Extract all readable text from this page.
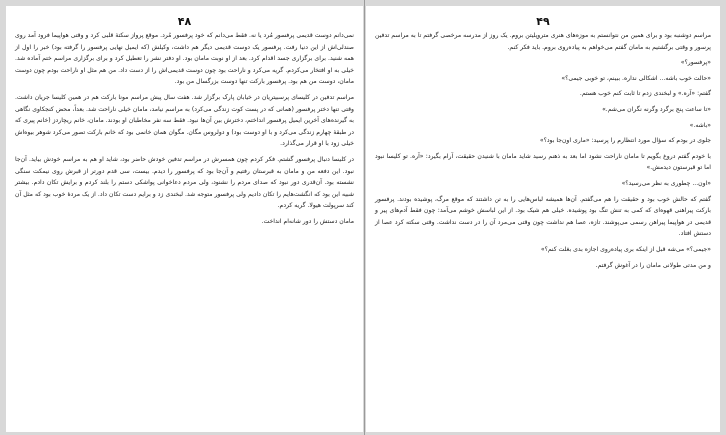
۴۸

نمی‌دانم دوست قدیمی پرفسور مُرد یا نه. فقط می‌دانم که خود پرفسور مُرد. موقع پرواز سکتهٔ قلبی کرد و وقتی هواپیما فرود آمد روی صندلی‌اش از این دنیا رفت. پرفسور یک دوست قدیمی دیگر هم داشت، وکیلش (که ایمیل نهایی پرفسور را گرفته بود) خبر را اول از همه شنید. برای برگزاری جسد اقدام کرد. بعد از او نوبت مامان بود. او دفتر نشر را تعطیل کرد و برای برگزاری مراسم ختم آماده شد. خیلی به او افتخار می‌کردم. گریه می‌کرد و ناراحت بود چون دوست قدیمی‌اش را از دست داد. من هم مثل او ناراحت بودم چون دوست مامان، دوست من هم بود. پرفسور بارکت تنها دوست بزرگسال من بود.

مراسم تدفین در کلیسای پرسبیتریان در خیابان پارک برگزار شد. هفت سال پیش مراسم مونا بارکت هم در همین کلیسا جریان داشت. وقتی تنها دختر پرفسور (همانی که در پست کوت زندگی می‌کرد) به مراسم نیامد، مامان خیلی ناراحت شد. بعداً، محض کنجکاوی نگاهی به گیرنده‌های آخرین ایمیل پرفسور انداختم، دخترش بین آن‌ها نبود. فقط سه نفر مخاطبان او بودند. مامان، خانم ریچاردز (خانم پیری که در طبقهٔ چهارم زندگی می‌کرد و با او دوست بود) و دولروس مگان. مگوان همان خانمی بود که خانم بارکت تصور می‌کرد شوهر بیوه‌اش خیلی زود با او قرار می‌گذارد.

در کلیسا دنبال پرفسور گشتم. فکر کردم چون همسرش در مراسم تدفین خودش حاضر بود، شاید او هم به مراسم خودش بیاید. آن‌جا نبود. این دفعه من و مامان به قبرستان رفتیم و آن‌جا بود که پرفسور را دیدم. بیست، سی قدم دورتر از قبرش روی نیمکت سنگی نشسته بود. آن‌قدری دور نبود که صدای مردم را نشنود، ولی مردم دعاخوانی پواشکی دستم را بلند کردم و برایش تکان دادم. بیشتر شبیه این بود که انگشت‌هایم را تکان دادیم ولی پرفسور متوجه شد. لبخندی زد و برایم دست تکان داد. از یک مردهٔ خوب بود که مثل آن کند سرپولت هیولا. گریه کردم.

مامان دستش را دور شانه‌ام انداخت.

۴۹

مراسم دوشنبه بود و برای همین من نتوانستم به موزه‌های هنری متروپلیتن بروم. یک روز از مدرسه مرخصی گرفتم تا به مراسم تدفین پرسور و وقتی برگشتیم به مامان گفتم می‌خواهم به پیاده‌روی بروم. باید فکر کنم.

«پرفسور؟»

«حالت خوب باشه... اشکالی نداره. ببینم، تو خوبی جیمی؟»

گفتم: «آره.» و لبخندی زدم تا ثابت کنم خوب هستم.

«تا ساعت پنج برگرد وگرنه نگران می‌شم.»

«باشه.»

جلوی در بودم که سؤال مورد انتظارم را پرسید: «ماری اون‌جا بود؟»

با خودم گفتم دروغ بگویم تا مامان ناراحت نشود اما بعد به ذهنم رسید شاید مامان با شنیدن حقیقت، آرام بگیرد: «آره. تو کلیسا نبود اما تو قبرستون دیدمش.»

«اون... چطوری به نظر می‌رسید؟»

گفتم که حالش خوب بود و حقیقت را هم می‌گفتم. آن‌ها همیشه لباس‌هایی را به تن داشتند که موقع مرگ، پوشیده بودند. پرفسور بارکت پیراهنی قهوه‌ای که کمی به تنش تنگ بود پوشیده. خیلی هم شیک بود. از این لباسش خوشم می‌آمد: چون فقط آدم‌های پیر و قدیمی در هواپیما پیراهن رسمی می‌پوشند. تازه، عصا هم نداشت چون وقتی می‌مرد آن را در دست نداشت. وقتی سکته کرد عصا از دستش افتاد.

«جیمی؟» می‌شه قبل از اینکه بری پیاده‌روی اجازه بدی بغلت کنم؟»

و من مدتی طولانی مامان را در آغوش گرفتم.
